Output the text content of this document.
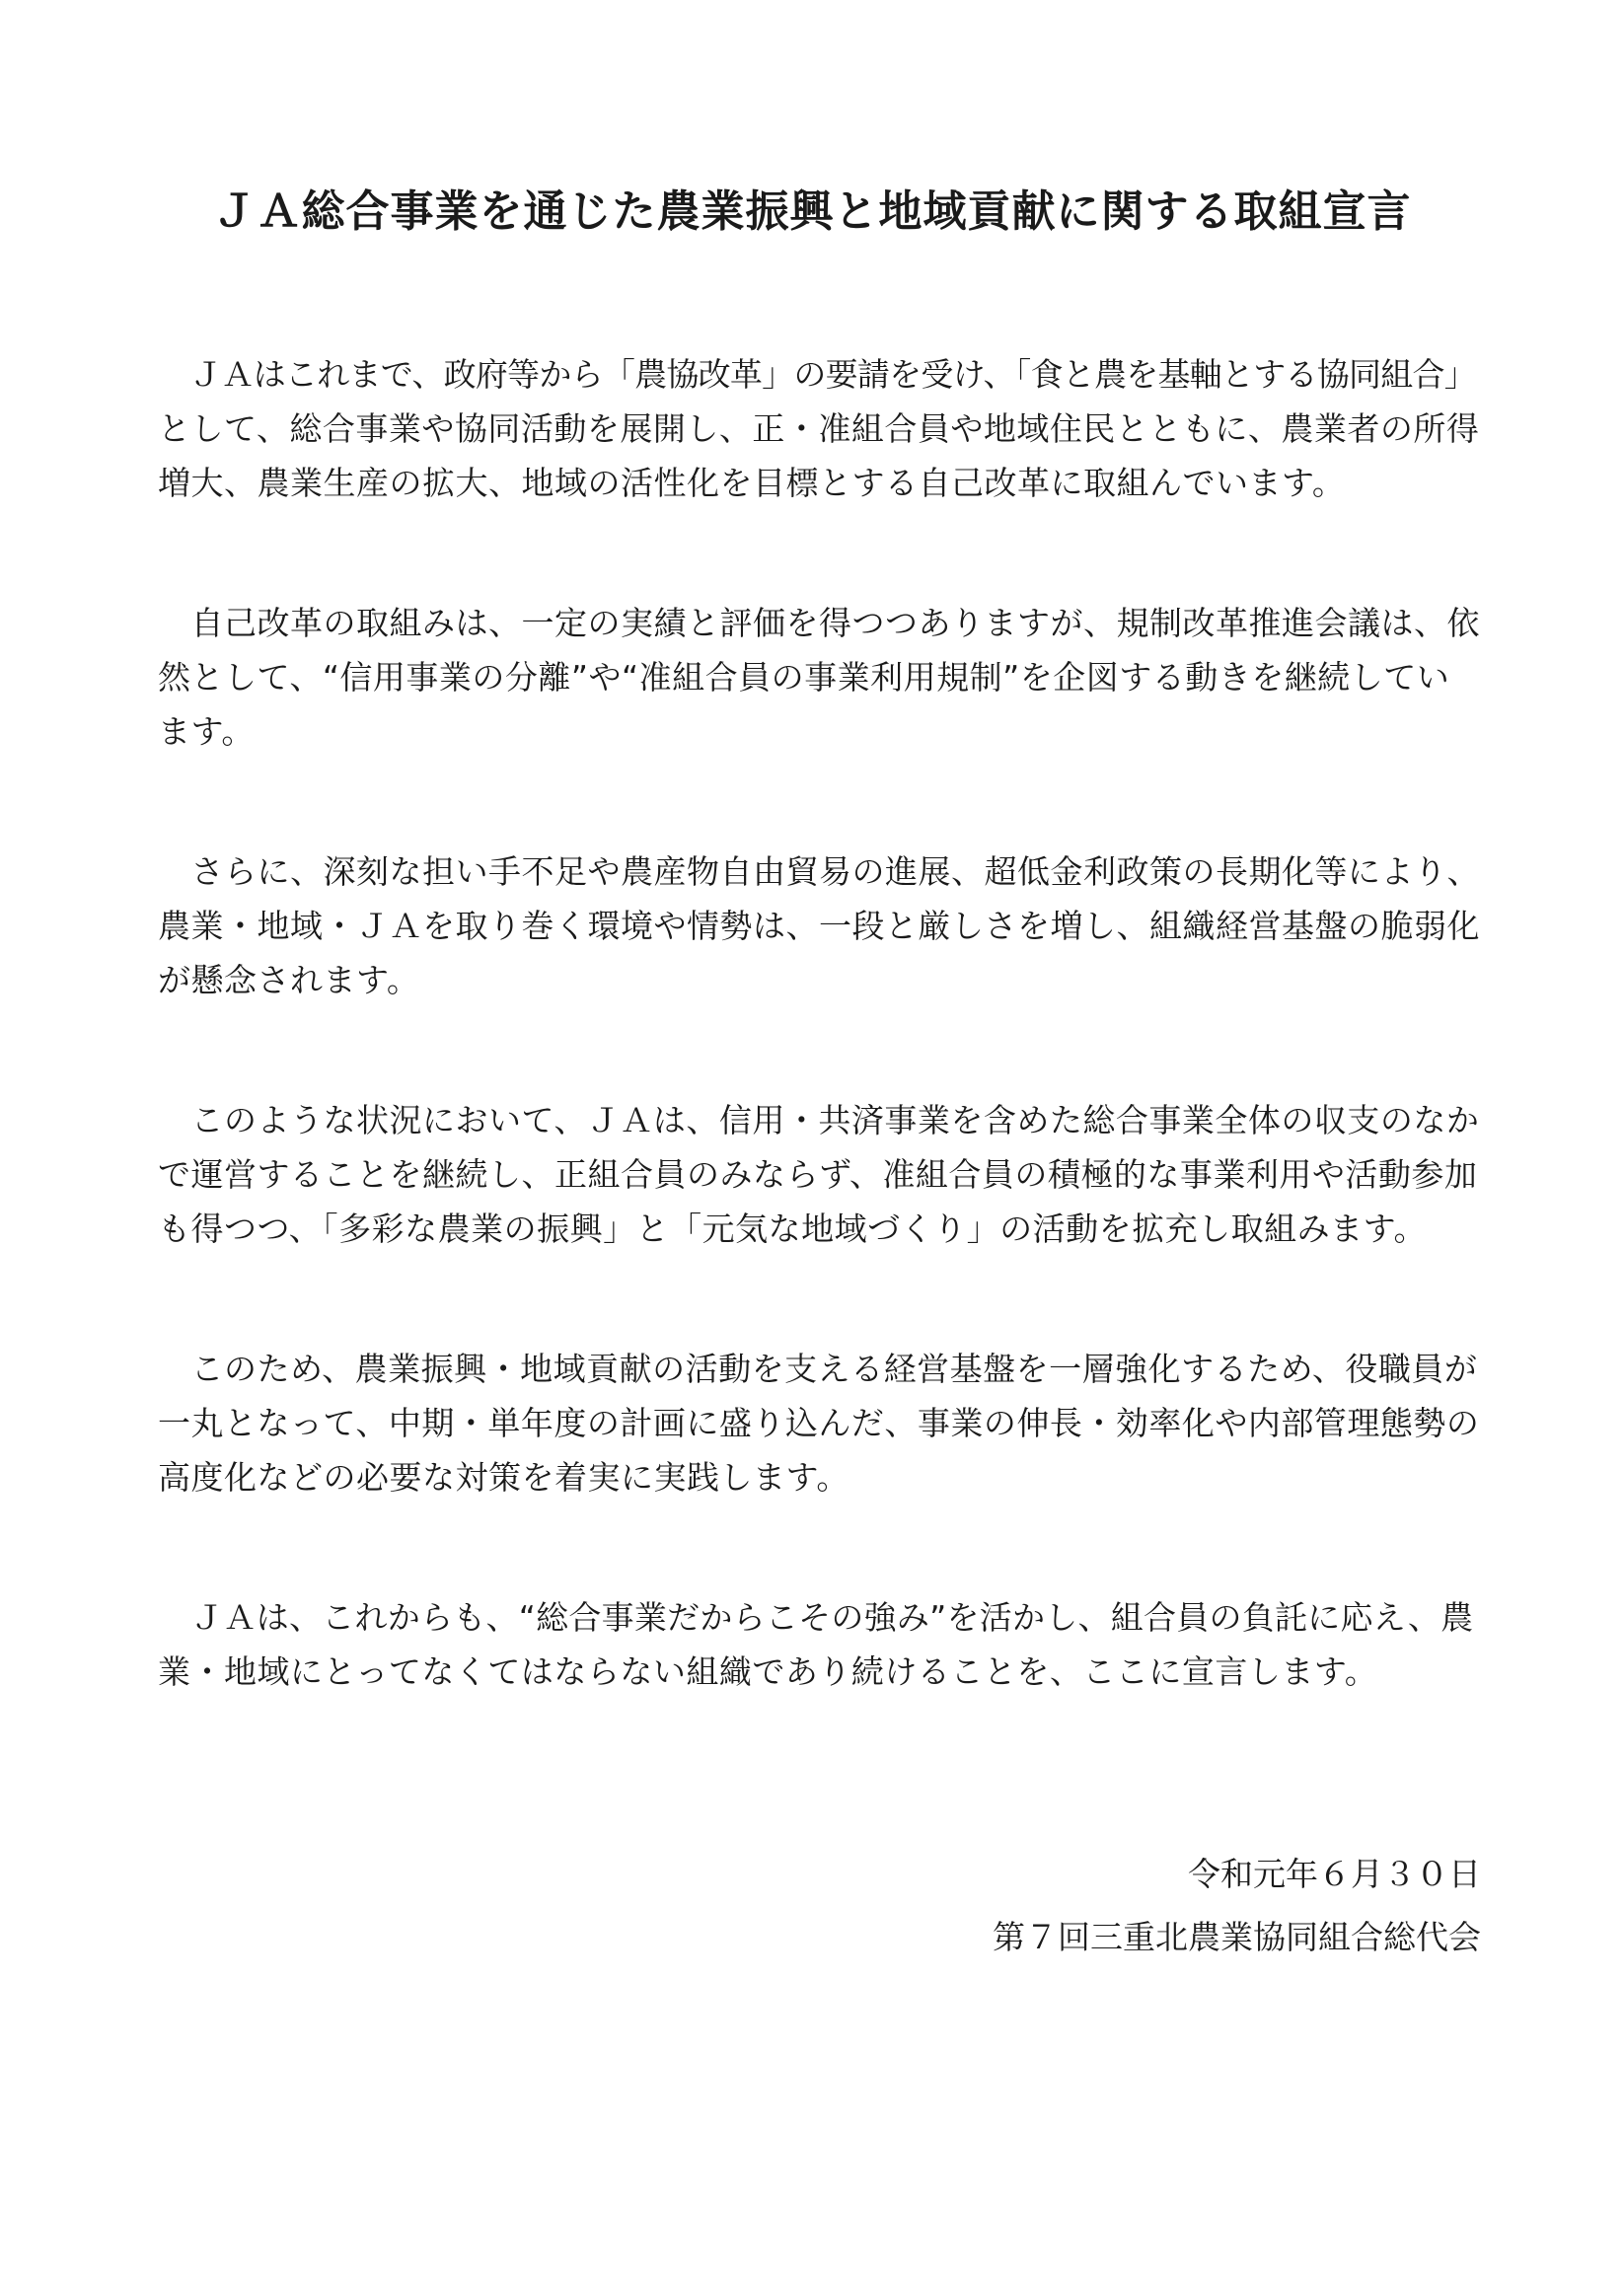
ＪＡ総合事業を通じた農業振興と地域貢献に関する取組宣言

　ＪＡはこれまで、政府等から「農協改革」の要請を受け、「食と農を基軸とする協同組合」
として、総合事業や協同活動を展開し、正・准組合員や地域住民とともに、農業者の所得
増大、農業生産の拡大、地域の活性化を目標とする自己改革に取組んでいます。

　自己改革の取組みは、一定の実績と評価を得つつありますが、規制改革推進会議は、依
然として、“信用事業の分離”や“准組合員の事業利用規制”を企図する動きを継続してい
ます。

　さらに、深刻な担い手不足や農産物自由貿易の進展、超低金利政策の長期化等により、
農業・地域・ＪＡを取り巻く環境や情勢は、一段と厳しさを増し、組織経営基盤の脆弱化
が懸念されます。

　このような状況において、ＪＡは、信用・共済事業を含めた総合事業全体の収支のなか
で運営することを継続し、正組合員のみならず、准組合員の積極的な事業利用や活動参加
も得つつ、「多彩な農業の振興」と「元気な地域づくり」の活動を拡充し取組みます。

　このため、農業振興・地域貢献の活動を支える経営基盤を一層強化するため、役職員が
一丸となって、中期・単年度の計画に盛り込んだ、事業の伸長・効率化や内部管理態勢の
高度化などの必要な対策を着実に実践します。

　ＪＡは、これからも、“総合事業だからこその強み”を活かし、組合員の負託に応え、農
業・地域にとってなくてはならない組織であり続けることを、ここに宣言します。

令和元年６月３０日
第７回三重北農業協同組合総代会
